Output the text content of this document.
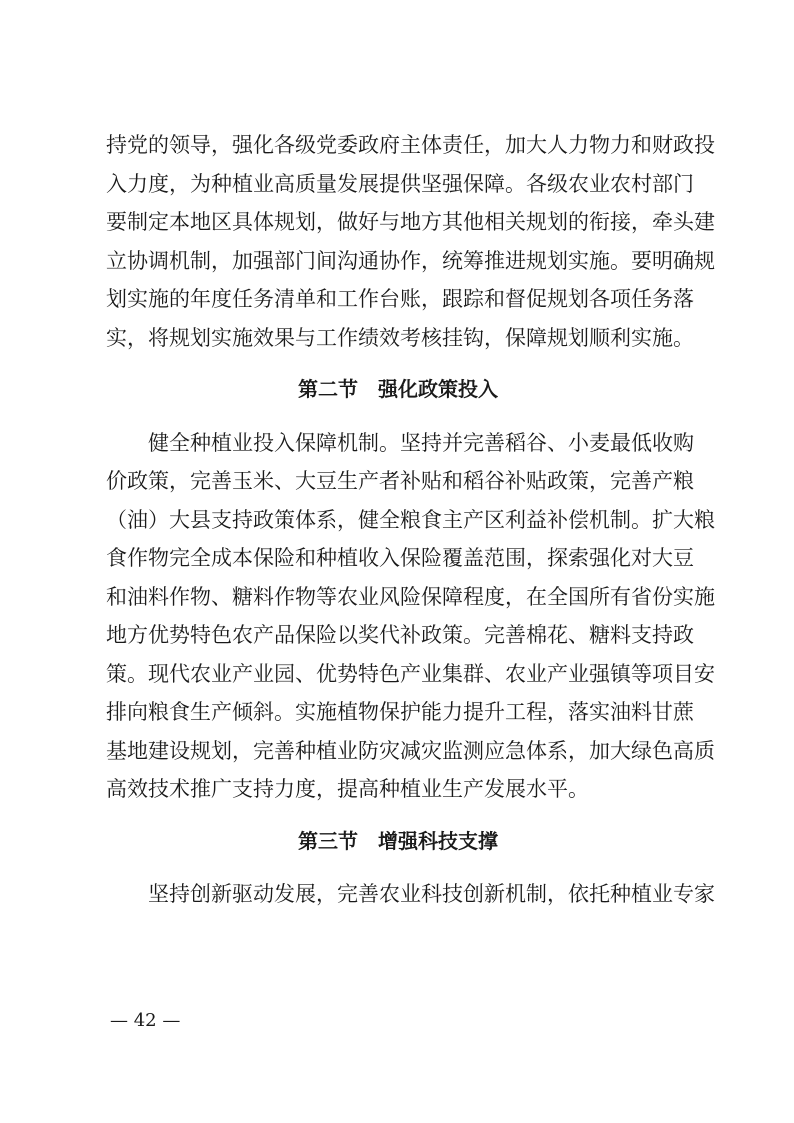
持党的领导，强化各级党委政府主体责任，加大人力物力和财政投
入力度，为种植业高质量发展提供坚强保障。各级农业农村部门
要制定本地区具体规划，做好与地方其他相关规划的衔接，牵头建
立协调机制，加强部门间沟通协作，统筹推进规划实施。要明确规
划实施的年度任务清单和工作台账，跟踪和督促规划各项任务落
实，将规划实施效果与工作绩效考核挂钩，保障规划顺利实施。
第二节　强化政策投入
健全种植业投入保障机制。坚持并完善稻谷、小麦最低收购
价政策，完善玉米、大豆生产者补贴和稻谷补贴政策，完善产粮
（油）大县支持政策体系，健全粮食主产区利益补偿机制。扩大粮
食作物完全成本保险和种植收入保险覆盖范围，探索强化对大豆
和油料作物、糖料作物等农业风险保障程度，在全国所有省份实施
地方优势特色农产品保险以奖代补政策。完善棉花、糖料支持政
策。现代农业产业园、优势特色产业集群、农业产业强镇等项目安
排向粮食生产倾斜。实施植物保护能力提升工程，落实油料甘蔗
基地建设规划，完善种植业防灾减灾监测应急体系，加大绿色高质
高效技术推广支持力度，提高种植业生产发展水平。
第三节　增强科技支撑
坚持创新驱动发展，完善农业科技创新机制，依托种植业专家
— 42 —
